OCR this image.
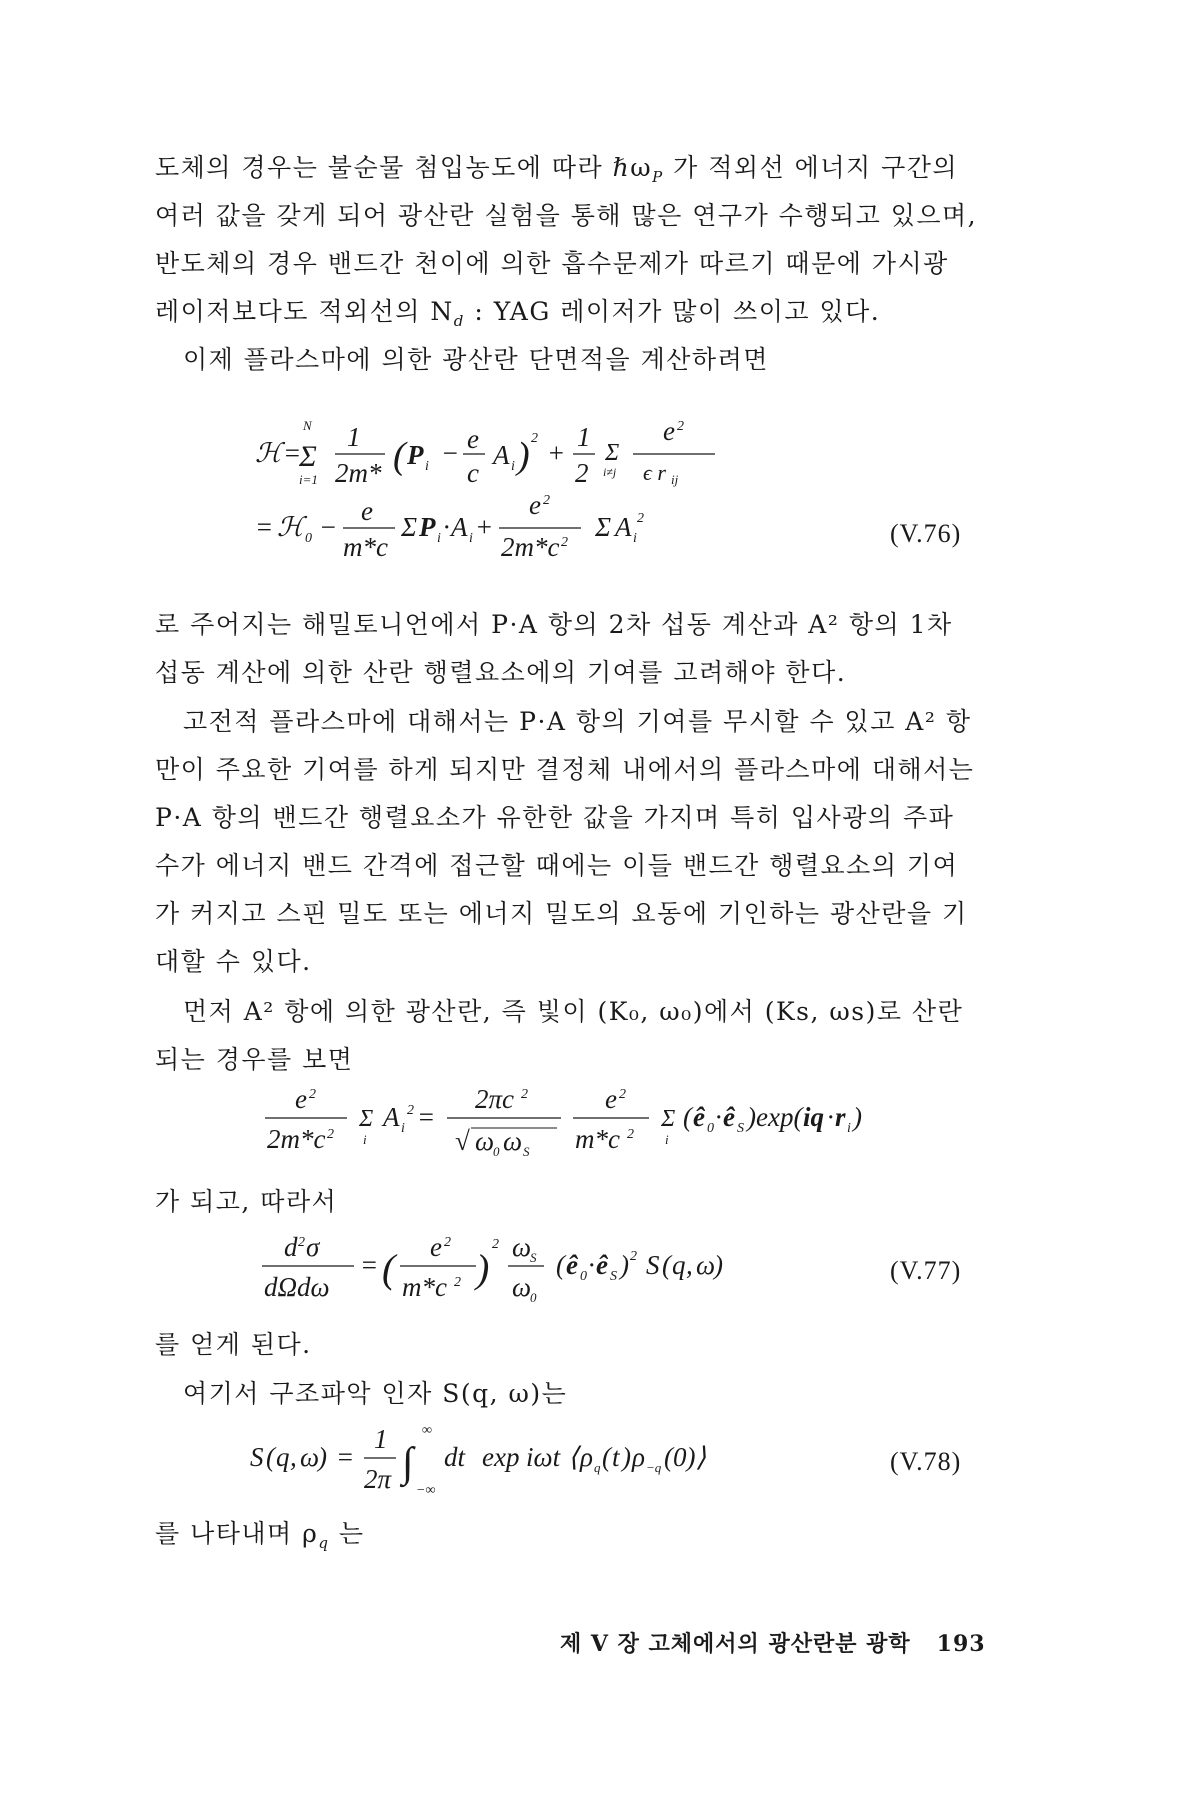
도체의 경우는 불순물 첨입농도에 따라 ℏω$_P$ 가 적외선 에너지 구간의

여러 값을 갖게 되어 광산란 실험을 통해 많은 연구가 수행되고 있으며,

반도체의 경우 밴드간 천이에 의한 흡수문제가 따르기 때문에 가시광

레이저보다도 적외선의 $N_d$ : YAG 레이저가 많이 쓰이고 있다.

이제 플라스마에 의한 광산란 단면적을 계산하려면

ℋ =
N
Σ
i=1
1
2m* ( P i − e
c
A i ) 2 +
1
2
Σ
i≠j
e 2
ϵ r ij
= ℋ 0 −
e
m*c
Σ P i · A i +
e 2
2m*c 2
Σ A i
2
(V.76)

로 주어지는 해밀토니언에서 P·A 항의 2차 섭동 계산과 A² 항의 1차

섭동 계산에 의한 산란 행렬요소에의 기여를 고려해야 한다.

고전적 플라스마에 대해서는 P·A 항의 기여를 무시할 수 있고 A² 항

만이 주요한 기여를 하게 되지만 결정체 내에서의 플라스마에 대해서는

P·A 항의 밴드간 행렬요소가 유한한 값을 가지며 특히 입사광의 주파

수가 에너지 밴드 간격에 접근할 때에는 이들 밴드간 행렬요소의 기여

가 커지고 스핀 밀도 또는 에너지 밀도의 요동에 기인하는 광산란을 기

대할 수 있다.

먼저 A² 항에 의한 광산란, 즉 빛이 (K₀, ω₀)에서 (Ks, ωs)로 산란

되는 경우를 보면

e 2
2m*c 2
Σ
i
A i
2 =
2πc 2
√ ω
0 ω S
e 2
m*c 2
Σ
i
( ê 0 · ê S )exp( iq · r i )

가 되고, 따라서

d 2 σ
dΩdω
= ( e 2
m*c 2 )
2 ω
S
ω
0
( ê 0 · ê S ) 2 S ( q , ω
)	(V.77)

를 얻게 된다.

여기서 구조파악 인자 S(q, ω)는

S ( q , ω
) =
1
2π ∫
∞
−∞
dt exp iωt ⟨ ρ q ( t ) ρ −q (0)⟩	(V.78)

를 나타내며 $\rho_q$ 는

제 V 장 고체에서의 광산란분 광학 193
